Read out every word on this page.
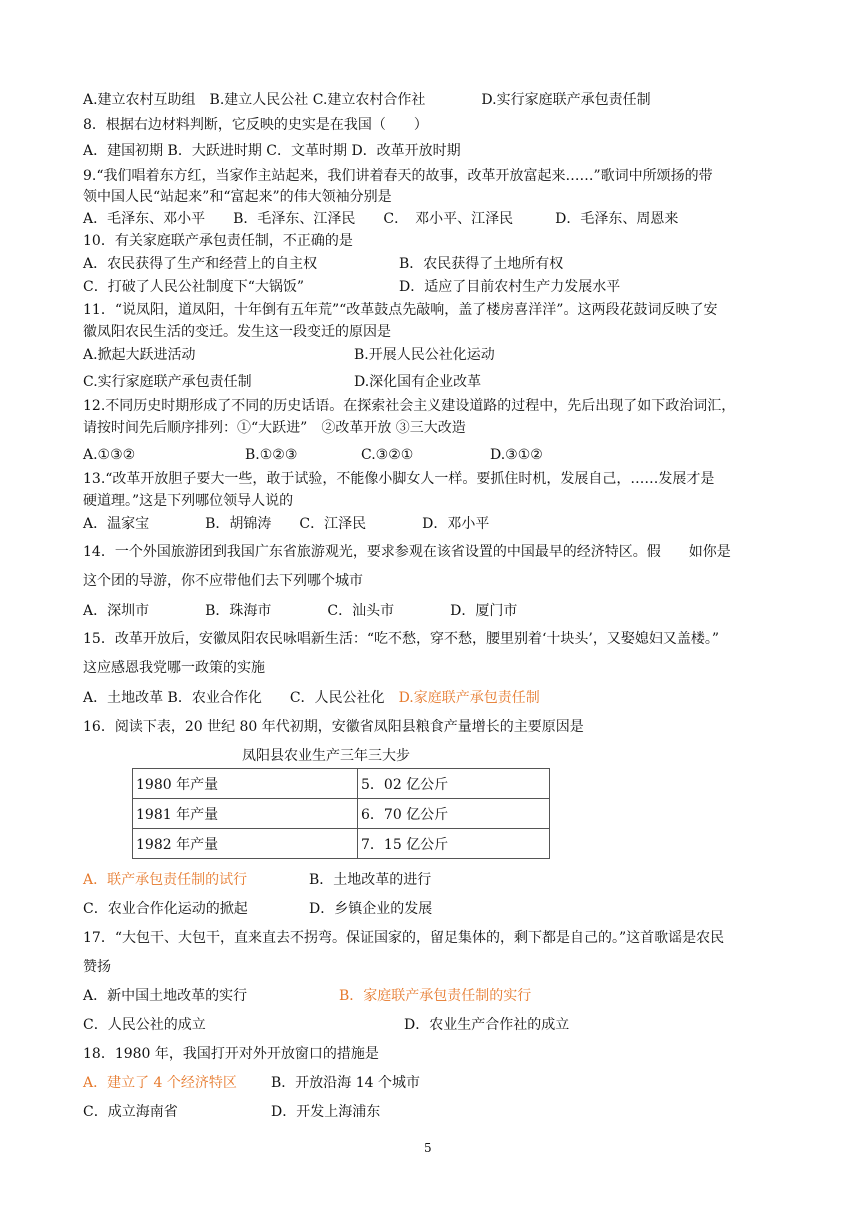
A.建立农村互助组　B.建立人民公社 C.建立农村合作社　　　　D.实行家庭联产承包责任制
8．根据右边材料判断，它反映的史实是在我国（　　）
A．建国初期 B．大跃进时期 C．文革时期 D．改革开放时期
9.“我们唱着东方红，当家作主站起来，我们讲着春天的故事，改革开放富起来……”歌词中所颂扬的带
领中国人民“站起来”和“富起来”的伟大领袖分别是
A．毛泽东、邓小平　　B．毛泽东、江泽民　　C．　邓小平、江泽民　　　D．毛泽东、周恩来
10．有关家庭联产承包责任制，不正确的是
A．农民获得了生产和经营上的自主权	B．农民获得了土地所有权
C．打破了人民公社制度下“大锅饭”	D．适应了目前农村生产力发展水平
11．“说凤阳，道凤阳，十年倒有五年荒”“改革鼓点先敲响，盖了楼房喜洋洋”。这两段花鼓词反映了安
徽凤阳农民生活的变迁。发生这一段变迁的原因是
A.掀起大跃进活动	B.开展人民公社化运动
C.实行家庭联产承包责任制	D.深化国有企业改革
12.不同历史时期形成了不同的历史话语。在探索社会主义建设道路的过程中，先后出现了如下政治词汇，
请按时间先后顺序排列：①“大跃进”　②改革开放 ③三大改造
A.①③②	B.①②③	C.③②①	D.③①②
13.“改革开放胆子要大一些，敢于试验，不能像小脚女人一样。要抓住时机，发展自己，……发展才是
硬道理。”这是下列哪位领导人说的
A．温家宝　　　　B．胡锦涛　　C．江泽民　　　　D．邓小平
14．一个外国旅游团到我国广东省旅游观光，要求参观在该省设置的中国最早的经济特区。假　　如你是
这个团的导游，你不应带他们去下列哪个城市
A．深圳市　　　　B．珠海市　　　　C．汕头市　　　　D．厦门市
15．改革开放后，安徽凤阳农民咏唱新生活：“吃不愁，穿不愁，腰里别着‘十块头’，又娶媳妇又盖楼。”
这应感恩我党哪一政策的实施
A．土地改革 B．农业合作化　　C．人民公社化　D.家庭联产承包责任制
16．阅读下表，20 世纪 80 年代初期，安徽省凤阳县粮食产量增长的主要原因是
凤阳县农业生产三年三大步
1980 年产量	5．02 亿公斤
1981 年产量	6．70 亿公斤
1982 年产量	7．15 亿公斤
A．联产承包责任制的试行	B．土地改革的进行
C．农业合作化运动的掀起	D．乡镇企业的发展
17．“大包干、大包干，直来直去不拐弯。保证国家的，留足集体的，剩下都是自己的。”这首歌谣是农民
赞扬
A．新中国土地改革的实行	B．家庭联产承包责任制的实行
C．人民公社的成立	D．农业生产合作社的成立
18．1980 年，我国打开对外开放窗口的措施是
A．建立了 4 个经济特区 B．开放沿海 14 个城市
C．成立海南省	D．开发上海浦东
5
